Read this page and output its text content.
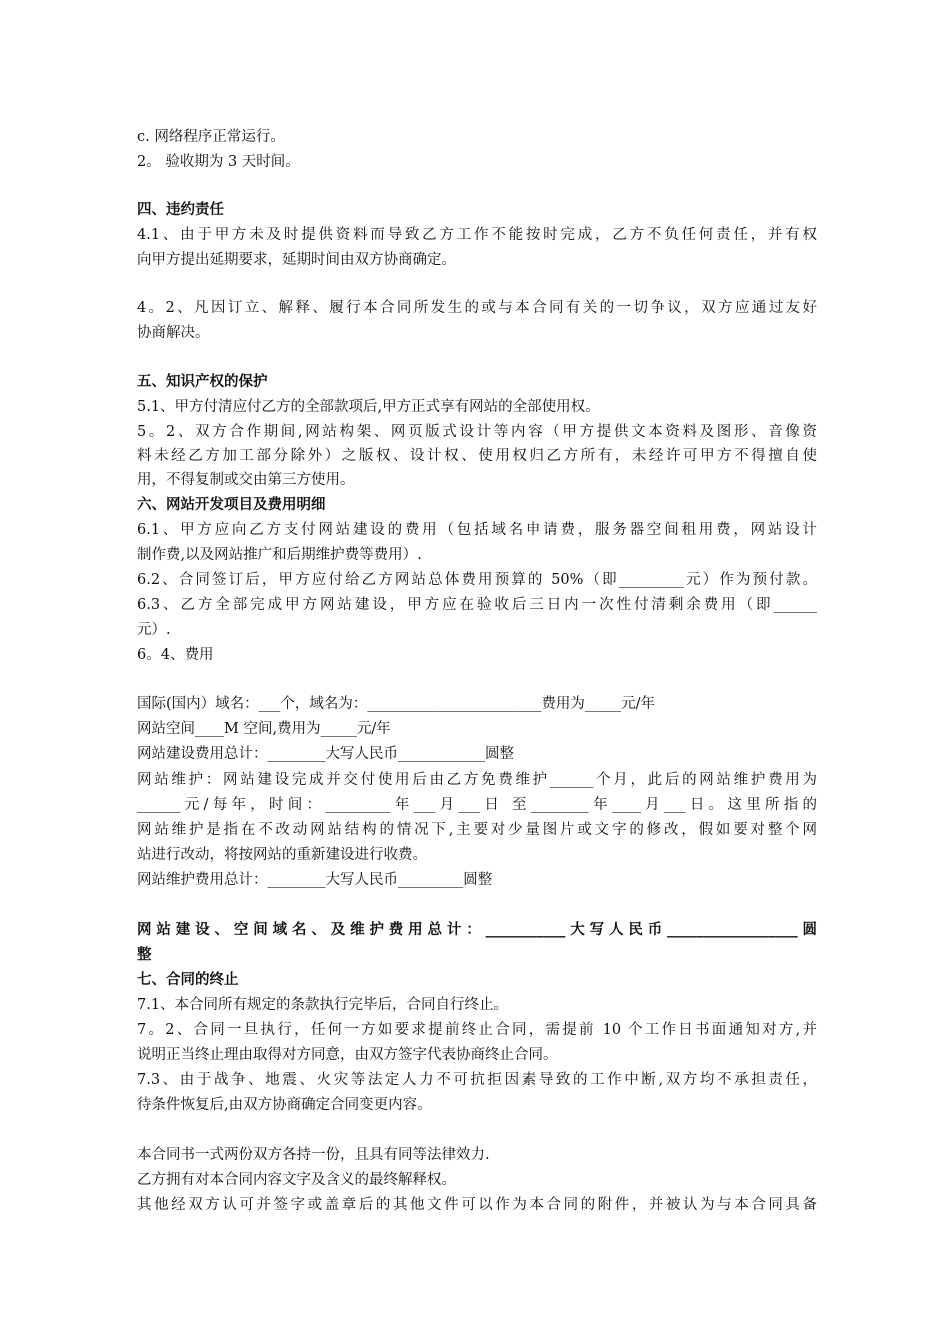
c. 网络程序正常运行。
2。 验收期为 3 天时间。
四、违约责任
4.1、由于甲方未及时提供资料而导致乙方工作不能按时完成，乙方不负任何责任，并有权
向甲方提出延期要求，延期时间由双方协商确定。
4。2、凡因订立、解释、履行本合同所发生的或与本合同有关的一切争议，双方应通过友好
协商解决。
五、知识产权的保护
5.1、甲方付清应付乙方的全部款项后,甲方正式享有网站的全部使用权。
5。2、双方合作期间,网站构架、网页版式设计等内容（甲方提供文本资料及图形、音像资
料未经乙方加工部分除外）之版权、设计权、使用权归乙方所有，未经许可甲方不得擅自使
用，不得复制或交由第三方使用。
六、网站开发项目及费用明细
6.1、甲方应向乙方支付网站建设的费用（包括域名申请费，服务器空间租用费，网站设计
制作费,以及网站推广和后期维护费等费用）.
6.2、合同签订后，甲方应付给乙方网站总体费用预算的 50%（即_________元）作为预付款。
6.3、乙方全部完成甲方网站建设，甲方应在验收后三日内一次性付清剩余费用（即______
元）.
6。4、费用
国际(国内）域名：___个，域名为：________________________费用为_____元/年
网站空间____M 空间,费用为_____元/年
网站建设费用总计：________大写人民币____________圆整
网站维护：网站建设完成并交付使用后由乙方免费维护______个月，此后的网站维护费用为
______元/每年，时间：_________年___月___日 至________年____月___日。这里所指的
网站维护是指在不改动网站结构的情况下,主要对少量图片或文字的修改，假如要对整个网
站进行改动，将按网站的重新建设进行收费。
网站维护费用总计：________大写人民币_________圆整
网站建设、空间域名、及维护费用总计：___________大写人民币__________________圆
整
七、合同的终止
7.1、本合同所有规定的条款执行完毕后，合同自行终止。
7。2、合同一旦执行，任何一方如要求提前终止合同，需提前 10 个工作日书面通知对方,并
说明正当终止理由取得对方同意，由双方签字代表协商终止合同。
7.3、由于战争、地震、火灾等法定人力不可抗拒因素导致的工作中断,双方均不承担责任，
待条件恢复后,由双方协商确定合同变更内容。
本合同书一式两份双方各持一份，且具有同等法律效力.
乙方拥有对本合同内容文字及含义的最终解释权。
其他经双方认可并签字或盖章后的其他文件可以作为本合同的附件，并被认为与本合同具备
